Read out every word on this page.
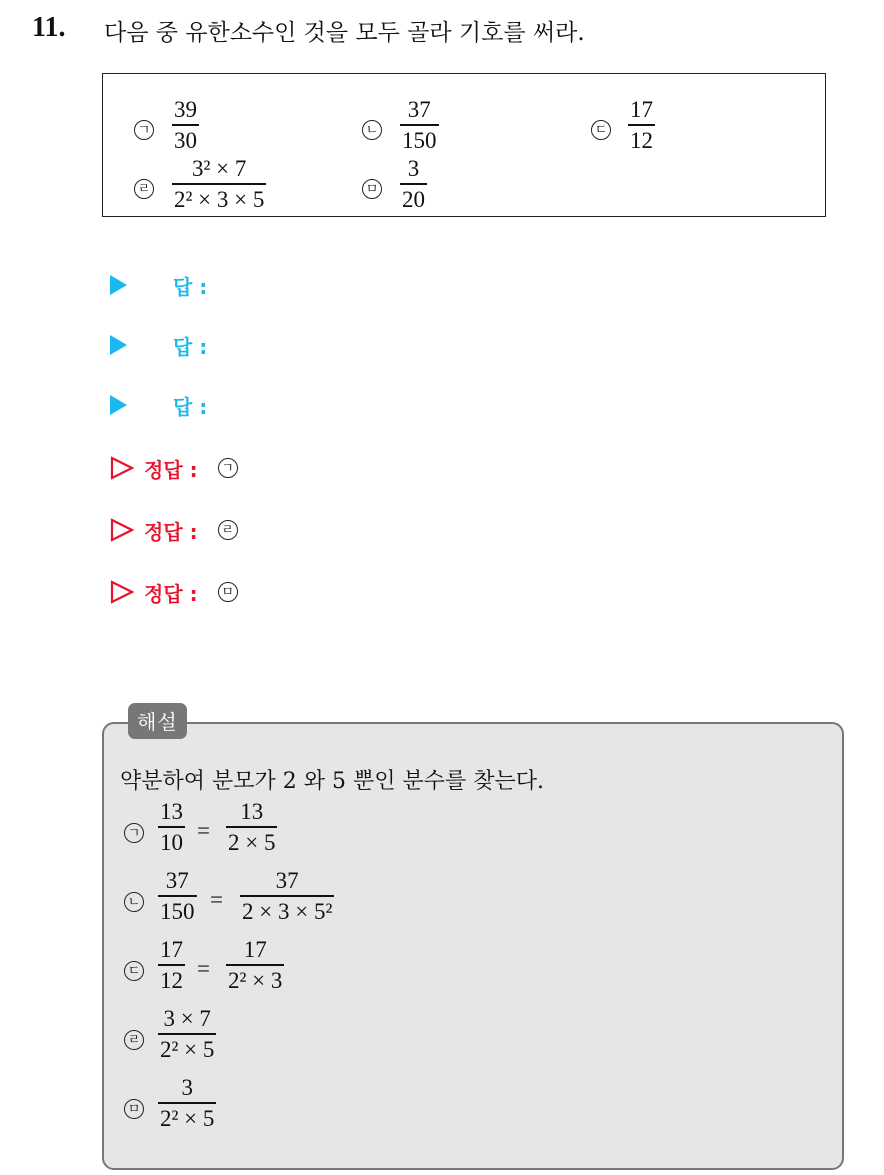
11. 다음 중 유한소수인 것을 모두 골라 기호를 써라.
ㄱ
39
30	ㄴ
37
150	ㄷ
17
12
ㄹ
3² × 7
2² × 3 × 5	ㅁ
3
20
답 :
답 :
답 :
정답 : ㄱ
정답 : ㄹ
정답 : ㅁ
해설
약분하여 분모가 2 와 5 뿐인 분수를 찾는다.
ㄱ
13
10 =
13
2 × 5
ㄴ
37
150 =
37
2 × 3 × 5²
ㄷ
17
12 =
17
2² × 3
ㄹ
3 × 7
2² × 5
ㅁ
3
2² × 5
